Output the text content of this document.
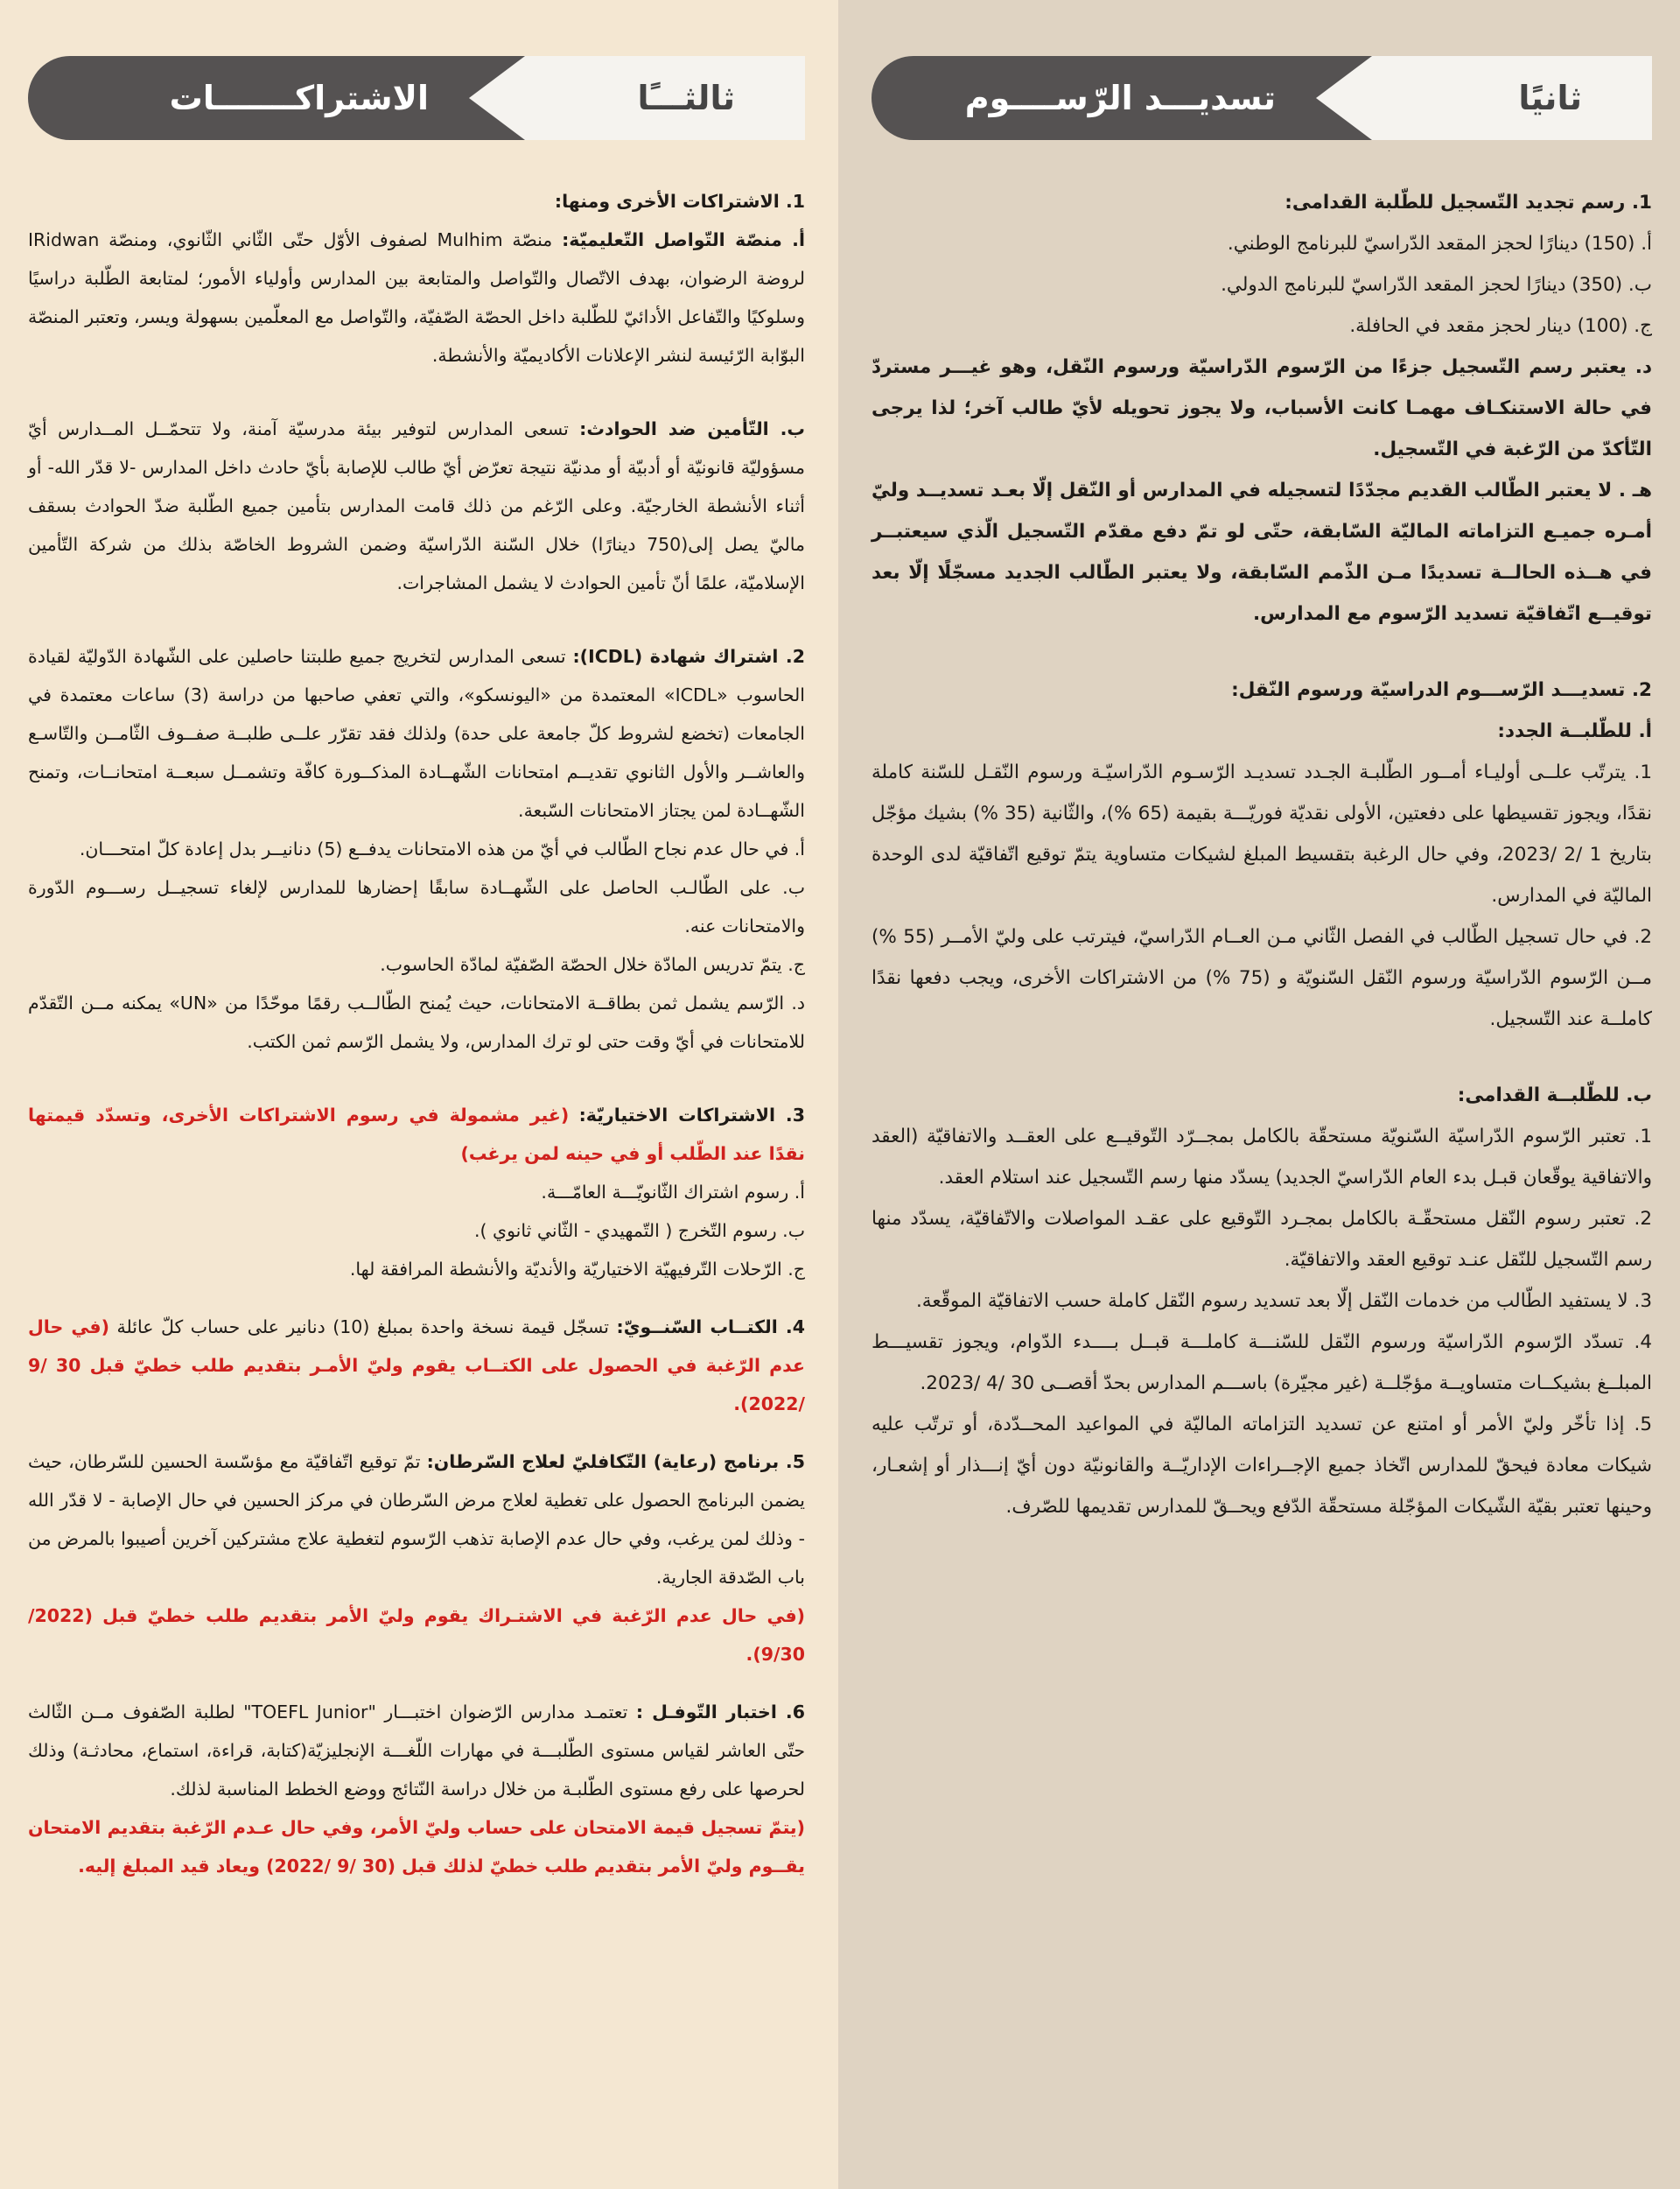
ثانيًا
تسديـــد الرّســــوم

1. رسم تجديد التّسجيل للطّلبة القدامى:

أ. (150) دينارًا لحجز المقعد الدّراسيّ للبرنامج الوطني.

ب. (350) دينارًا لحجز المقعد الدّراسيّ للبرنامج الدولي.

ج. (100) دينار لحجز مقعد في الحافلة.

د. يعتبر رسم التّسجيل جزءًا من الرّسوم الدّراسيّة ورسوم النّقل، وهو غيـــر مستردّ في حالة الاستنكـاف مهمـا كانت الأسباب، ولا يجوز تحويله لأيّ طالب آخر؛ لذا يرجى التّأكدّ من الرّغبة في التّسجيل.

هـ . لا يعتبر الطّالب القديم مجدّدًا لتسجيله في المدارس أو النّقل إلّا بعـد تسديــد وليّ أمـره جميـع التزاماته الماليّة السّابقة، حتّى لو تمّ دفع مقدّم التّسجيل الّذي سيعتبــر في هــذه الحالــة تسديدًا مـن الذّمم السّابقة، ولا يعتبر الطّالب الجديد مسجّلًا إلّا بعد توقيــع اتّفاقيّة تسديد الرّسوم مع المدارس.

2. تسديـــد الرّســـوم الدراسيّة ورسوم النّقل:

أ. للطّلبــة الجدد:

1. يترتّب علــى أوليـاء أمــور الطّلبـة الجـدد تسديـد الرّسـوم الدّراسيّـة ورسوم النّقـل للسّنة كاملة نقدًا، ويجوز تقسيطها على دفعتين، الأولى نقديّة فوريّـــة بقيمة (65 %)، والثّانية (35 %) بشيك مؤجّل بتاريخ 1 /2 /2023، وفي حال الرغبة بتقسيط المبلغ لشيكات متساوية يتمّ توقيع اتّفاقيّة لدى الوحدة الماليّة في المدارس.

2. في حال تسجيل الطّالب في الفصل الثّاني مـن العــام الدّراسيّ، فيترتب على وليّ الأمــر (55 %) مــن الرّسوم الدّراسيّة ورسوم النّقل السّنويّة و (75 %) من الاشتراكات الأخرى، ويجب دفعها نقدًا كاملــة عند التّسجيل.

ب. للطّلبــة القدامى:

1. تعتبر الرّسوم الدّراسيّة السّنويّة مستحقّة بالكامل بمجــرّد التّوقيــع على العقــد والاتفاقيّة (العقد والاتفاقية يوقّعان قبـل بدء العام الدّراسيّ الجديد) يسدّد منها رسم التّسجيل عند استلام العقد.

2. تعتبر رسوم النّقل مستحقّـة بالكامل بمجـرد التّوقيع على عقـد المواصلات والاتّفاقيّة، يسدّد منها رسم التّسجيل للنّقل عنـد توقيع العقد والاتفاقيّة.

3. لا يستفيد الطّالب من خدمات النّقل إلّا بعد تسديد رسوم النّقل كاملة حسب الاتفاقيّة الموقّعة.

4. تسدّد الرّسوم الدّراسيّة ورسوم النّقل للسّنـــة كاملـــة قبــل بــــدء الدّوام، ويجوز تقسيـــط المبلــغ بشيكــات متساويــة مؤجّلــة (غير مجيّرة) باســـم المدارس بحدّ أقصــى 30 /4 /2023.

5. إذا تأخّر وليّ الأمر أو امتنع عن تسديد التزاماته الماليّة في المواعيد المحــدّدة، أو ترتّب عليه شيكات معادة فيحقّ للمدارس اتّخاذ جميع الإجــراءات الإداريّــة والقانونيّة دون أيّ إنـــذار أو إشعـار، وحينها تعتبر بقيّة الشّيكات المؤجّلة مستحقّة الدّفع ويحــقّ للمدارس تقديمها للصّرف.

ثالثـــًا
الاشتراكـــــــات

1. الاشتراكات الأخرى ومنها:

أ. منصّة التّواصل التّعليميّة: منصّة Mulhim لصفوف الأوّل حتّى الثّاني الثّانوي، ومنصّة IRidwan لروضة الرضوان، بهدف الاتّصال والتّواصل والمتابعة بين المدارس وأولياء الأمور؛ لمتابعة الطّلبة دراسيًا وسلوكيًا والتّفاعل الأدائيّ للطّلبة داخل الحصّة الصّفيّة، والتّواصل مع المعلّمين بسهولة ويسر، وتعتبر المنصّة البوّابة الرّئيسة لنشر الإعلانات الأكاديميّة والأنشطة.

ب. التّأمين ضد الحوادث: تسعى المدارس لتوفير بيئة مدرسيّة آمنة، ولا تتحمّــل المــدارس أيّ مسؤوليّة قانونيّة أو أدبيّة أو مدنيّة نتيجة تعرّض أيّ طالب للإصابة بأيّ حادث داخل المدارس -لا قدّر الله- أو أثناء الأنشطة الخارجيّة. وعلى الرّغم من ذلك قامت المدارس بتأمين جميع الطّلبة ضدّ الحوادث بسقف ماليّ يصل إلى(750 دينارًا) خلال السّنة الدّراسيّة وضمن الشروط الخاصّة بذلك من شركة التّأمين الإسلاميّة، علمًا أنّ تأمين الحوادث لا يشمل المشاجرات.

2. اشتراك شهادة (ICDL): تسعى المدارس لتخريج جميع طلبتنا حاصلين على الشّهادة الدّوليّة لقيادة الحاسوب «ICDL» المعتمدة من «اليونسكو»، والتي تعفي صاحبها من دراسة (3) ساعات معتمدة في الجامعات (تخضع لشروط كلّ جامعة على حدة) ولذلك فقد تقرّر علــى طلبــة صفــوف الثّامــن والتّاسـع والعاشــر والأول الثانوي تقديــم امتحانات الشّهــادة المذكــورة كافّة وتشمــل سبعــة امتحانــات، وتمنح الشّهــادة لمن يجتاز الامتحانات السّبعة.

أ. في حال عدم نجاح الطّالب في أيّ من هذه الامتحانات يدفــع (5) دنانيــر بدل إعادة كلّ امتحـــان.

ب. على الطّالـب الحاصل على الشّهــادة سابقًا إحضارها للمدارس لإلغاء تسجيــل رســـوم الدّورة والامتحانات عنه.

ج. يتمّ تدريس المادّة خلال الحصّة الصّفيّة لمادّة الحاسوب.

د. الرّسم يشمل ثمن بطاقــة الامتحانات، حيث يُمنح الطّالــب رقمًا موحّدًا من «UN» يمكنه مــن التّقدّم للامتحانات في أيّ وقت حتى لو ترك المدارس، ولا يشمل الرّسم ثمن الكتب.

3. الاشتراكات الاختياريّة: (غير مشمولة في رسوم الاشتراكات الأخرى، وتسدّد قيمتها نقدًا عند الطّلب أو في حينه لمن يرغب)

أ. رسوم اشتراك الثّانويّـــة العامّـــة.

ب. رسوم التّخرج ( التّمهيدي - الثّاني ثانوي ).

ج. الرّحلات التّرفيهيّة الاختياريّة والأنديّة والأنشطة المرافقة لها.

4. الكتــاب السّنــويّ: تسجّل قيمة نسخة واحدة بمبلغ (10) دنانير على حساب كلّ عائلة (في حال عدم الرّغبة في الحصول على الكتــاب يقوم وليّ الأمـر بتقديم طلب خطيّ قبل 30 /9 /2022).

5. برنامج (رعاية) التّكافليّ لعلاج السّرطان: تمّ توقيع اتّفاقيّة مع مؤسّسة الحسين للسّرطان، حيث يضمن البرنامج الحصول على تغطية لعلاج مرض السّرطان في مركز الحسين في حال الإصابة - لا قدّر الله - وذلك لمن يرغب، وفي حال عدم الإصابة تذهب الرّسوم لتغطية علاج مشتركين آخرين أصيبوا بالمرض من باب الصّدقة الجارية.

(في حال عدم الرّغبة في الاشتـراك يقوم وليّ الأمر بتقديم طلب خطيّ قبل (2022/ 9/30).

6. اختبار التّوفـل : تعتمـد مدارس الرّضوان اختبـــار "TOEFL Junior" لطلبة الصّفوف مــن الثّالث حتّى العاشر لقياس مستوى الطّلبـــة في مهارات اللّغـــة الإنجليزيّة(كتابة، قراءة، استماع، محادثـة) وذلك لحرصها على رفع مستوى الطّلبـة من خلال دراسة النّتائج ووضع الخطط المناسبة لذلك.

(يتمّ تسجيل قيمة الامتحان على حساب وليّ الأمر، وفي حال عـدم الرّغبة بتقديم الامتحان يقــوم وليّ الأمر بتقديم طلب خطيّ لذلك قبل (30 /9 /2022) ويعاد قيد المبلغ إليه.
